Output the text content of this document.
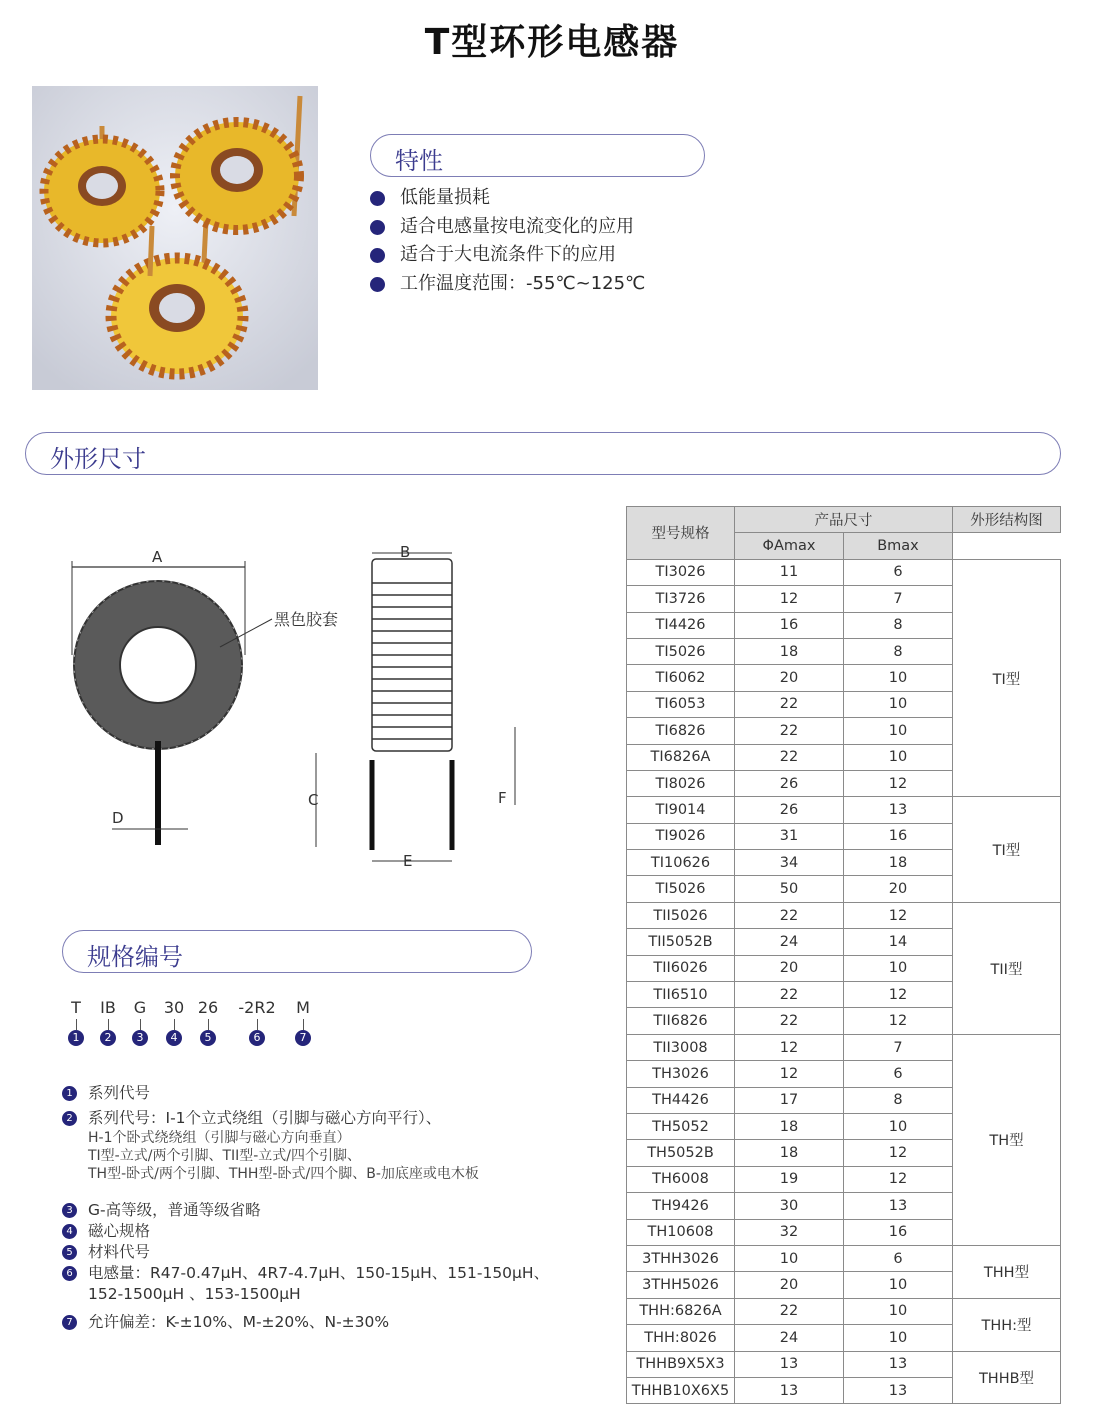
T型环形电感器
特性
低能量损耗
适合电感量按电流变化的应用
适合于大电流条件下的应用
工作温度范围：-55℃~125℃
外形尺寸
A
黑色胶套
D
B
C
E
F
规格编号
T
1
IB
2
G
3
30
4
26
5
-2R2
6
M
7
1 系列代号
2 系列代号：I-1个立式绕组（引脚与磁心方向平行）、
H-1个卧式绕绕组（引脚与磁心方向垂直）
TI型-立式/两个引脚、TII型-立式/四个引脚、
TH型-卧式/两个引脚、THH型-卧式/四个脚、B-加底座或电木板
3 G-高等级，普通等级省略
4 磁心规格
5 材料代号
6 电感量：R47-0.47μH、4R7-4.7μH、150-15μH、151-150μH、
152-1500μH 、153-1500μH
7 允许偏差：K-±10%、M-±20%、N-±30%
型号规格	产品尺寸		外形结构图
	ΦAmax	Bmax	
TI3026	11	6	TI型
TI3726	12	7	
TI4426	16	8	
TI5026	18	8	
TI6062	20	10	
TI6053	22	10	
TI6826	22	10	
TI6826A	22	10	
TI8026	26	12	
TI9014	26	13	TI型
TI9026	31	16	
TI10626	34	18	
TI5026	50	20	
TII5026	22	12	TII型
TII5052B	24	14	
TII6026	20	10	
TII6510	22	12	
TII6826	22	12	
TII3008	12	7	TH型
TH3026	12	6	
TH4426	17	8	
TH5052	18	10	
TH5052B	18	12	
TH6008	19	12	
TH9426	30	13	
TH10608	32	16	
3THH3026	10	6	THH型
3THH5026	20	10	
THH:6826A	22	10	THH:型
THH:8026	24	10	
THHB9X5X3	13	13	THHB型
THHB10X6X5	13	13	
